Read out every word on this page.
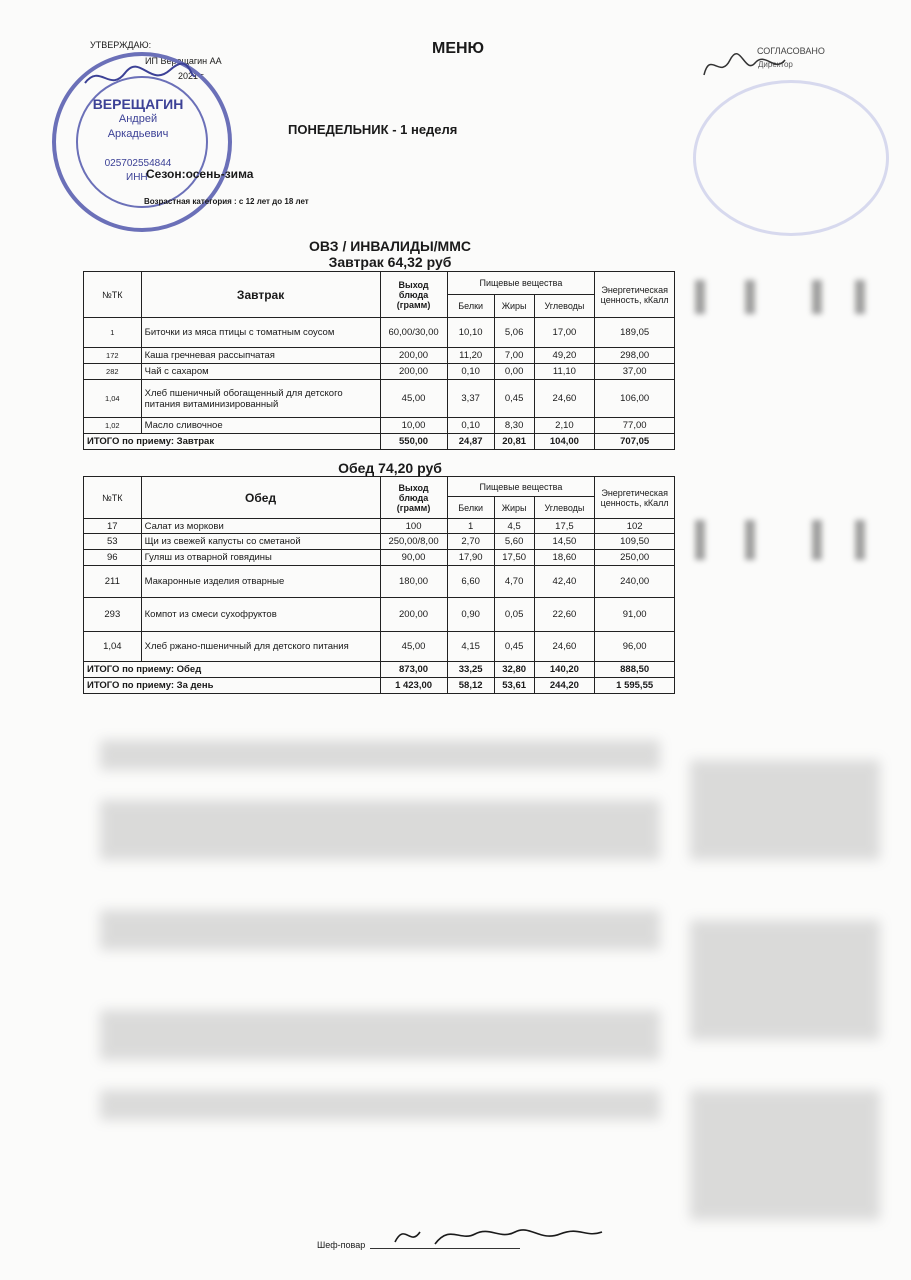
УТВЕРЖДАЮ:
ИП Верещагин АА
2021 г.
МЕНЮ	СОГЛАСОВАНО
Директор
ВЕРЕЩАГИН
Андрей
Аркадьевич
025702554844
ИНН
ПОНЕДЕЛЬНИК - 1 неделя
Сезон:осень-зима
Возрастная категория : с 12 лет до 18 лет
ОВЗ / ИНВАЛИДЫ/ММС
Завтрак 64,32 руб
№ТК	Завтрак	Выход блюда (грамм)	Пищевые вещества			Энергетическая ценность, кКалл
			Белки	Жиры	Углеводы	
1	Биточки из мяса птицы с томатным соусом	60,00/30,00	10,10	5,06	17,00	189,05
172	Каша гречневая рассыпчатая	200,00	11,20	7,00	49,20	298,00
282	Чай с сахаром	200,00	0,10	0,00	11,10	37,00
1,04	Хлеб пшеничный обогащенный для детского питания витаминизированный	45,00	3,37	0,45	24,60	106,00
1,02	Масло сливочное	10,00	0,10	8,30	2,10	77,00
ИТОГО по приему: Завтрак		550,00	24,87	20,81	104,00	707,05
Обед 74,20 руб
№ТК	Обед	Выход блюда (грамм)	Пищевые вещества			Энергетическая ценность, кКалл
			Белки	Жиры	Углеводы	
17	Салат из моркови	100	1	4,5	17,5	102
53	Щи из свежей капусты со сметаной	250,00/8,00	2,70	5,60	14,50	109,50
96	Гуляш из отварной говядины	90,00	17,90	17,50	18,60	250,00
211	Макаронные изделия отварные	180,00	6,60	4,70	42,40	240,00
293	Компот из смеси сухофруктов	200,00	0,90	0,05	22,60	91,00
1,04	Хлеб ржано-пшеничный для детского питания	45,00	4,15	0,45	24,60	96,00
ИТОГО по приему: Обед		873,00	33,25	32,80	140,20	888,50
ИТОГО по приему: За день		1 423,00	58,12	53,61	244,20	1 595,55
Шеф-повар
